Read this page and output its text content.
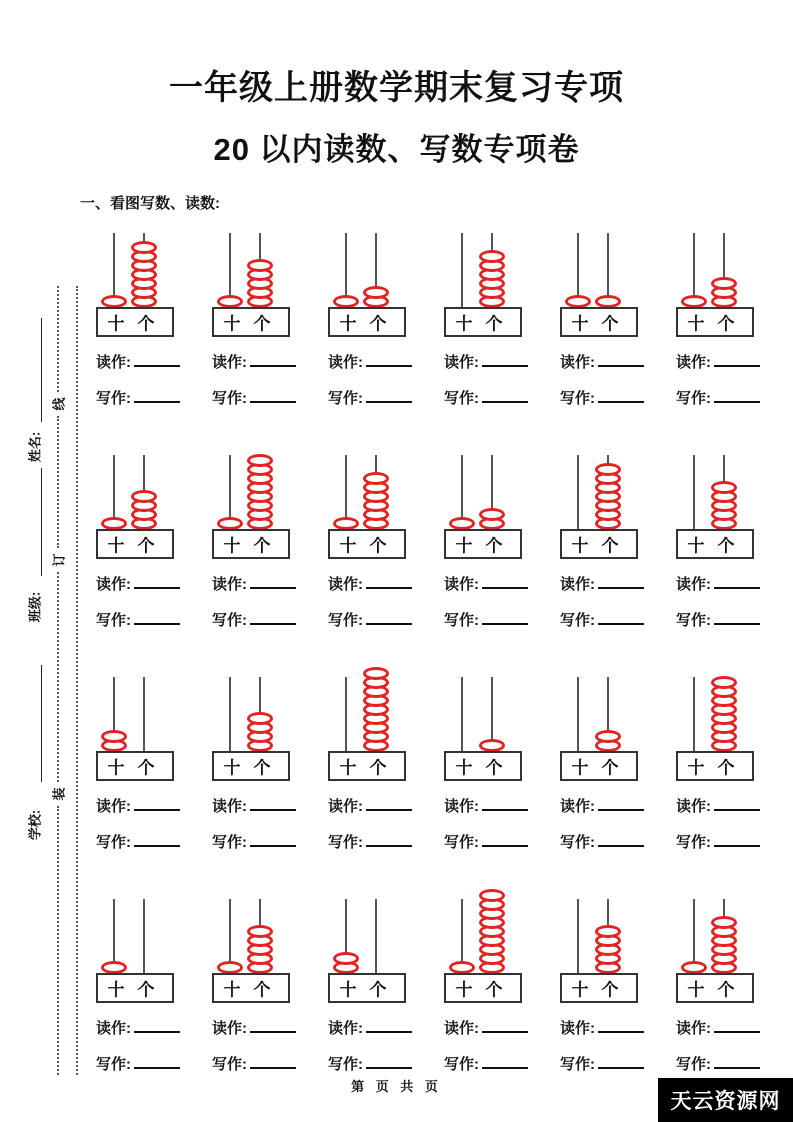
一年级上册数学期末复习专项
20 以内读数、写数专项卷
一、看图写数、读数:
十 个
读作:
写作:
十 个
读作:
写作:
十 个
读作:
写作:
十 个
读作:
写作:
十 个
读作:
写作:
十 个
读作:
写作:
十 个
读作:
写作:
十 个
读作:
写作:
十 个
读作:
写作:
十 个
读作:
写作:
十 个
读作:
写作:
十 个
读作:
写作:
十 个
读作:
写作:
十 个
读作:
写作:
十 个
读作:
写作:
十 个
读作:
写作:
十 个
读作:
写作:
十 个
读作:
写作:
十 个
读作:
写作:
十 个
读作:
写作:
十 个
读作:
写作:
十 个
读作:
写作:
十 个
读作:
写作:
十 个
读作:
写作:
姓名:
班级:
学校:
线
订
装
第 页 共 页
天云资源网
